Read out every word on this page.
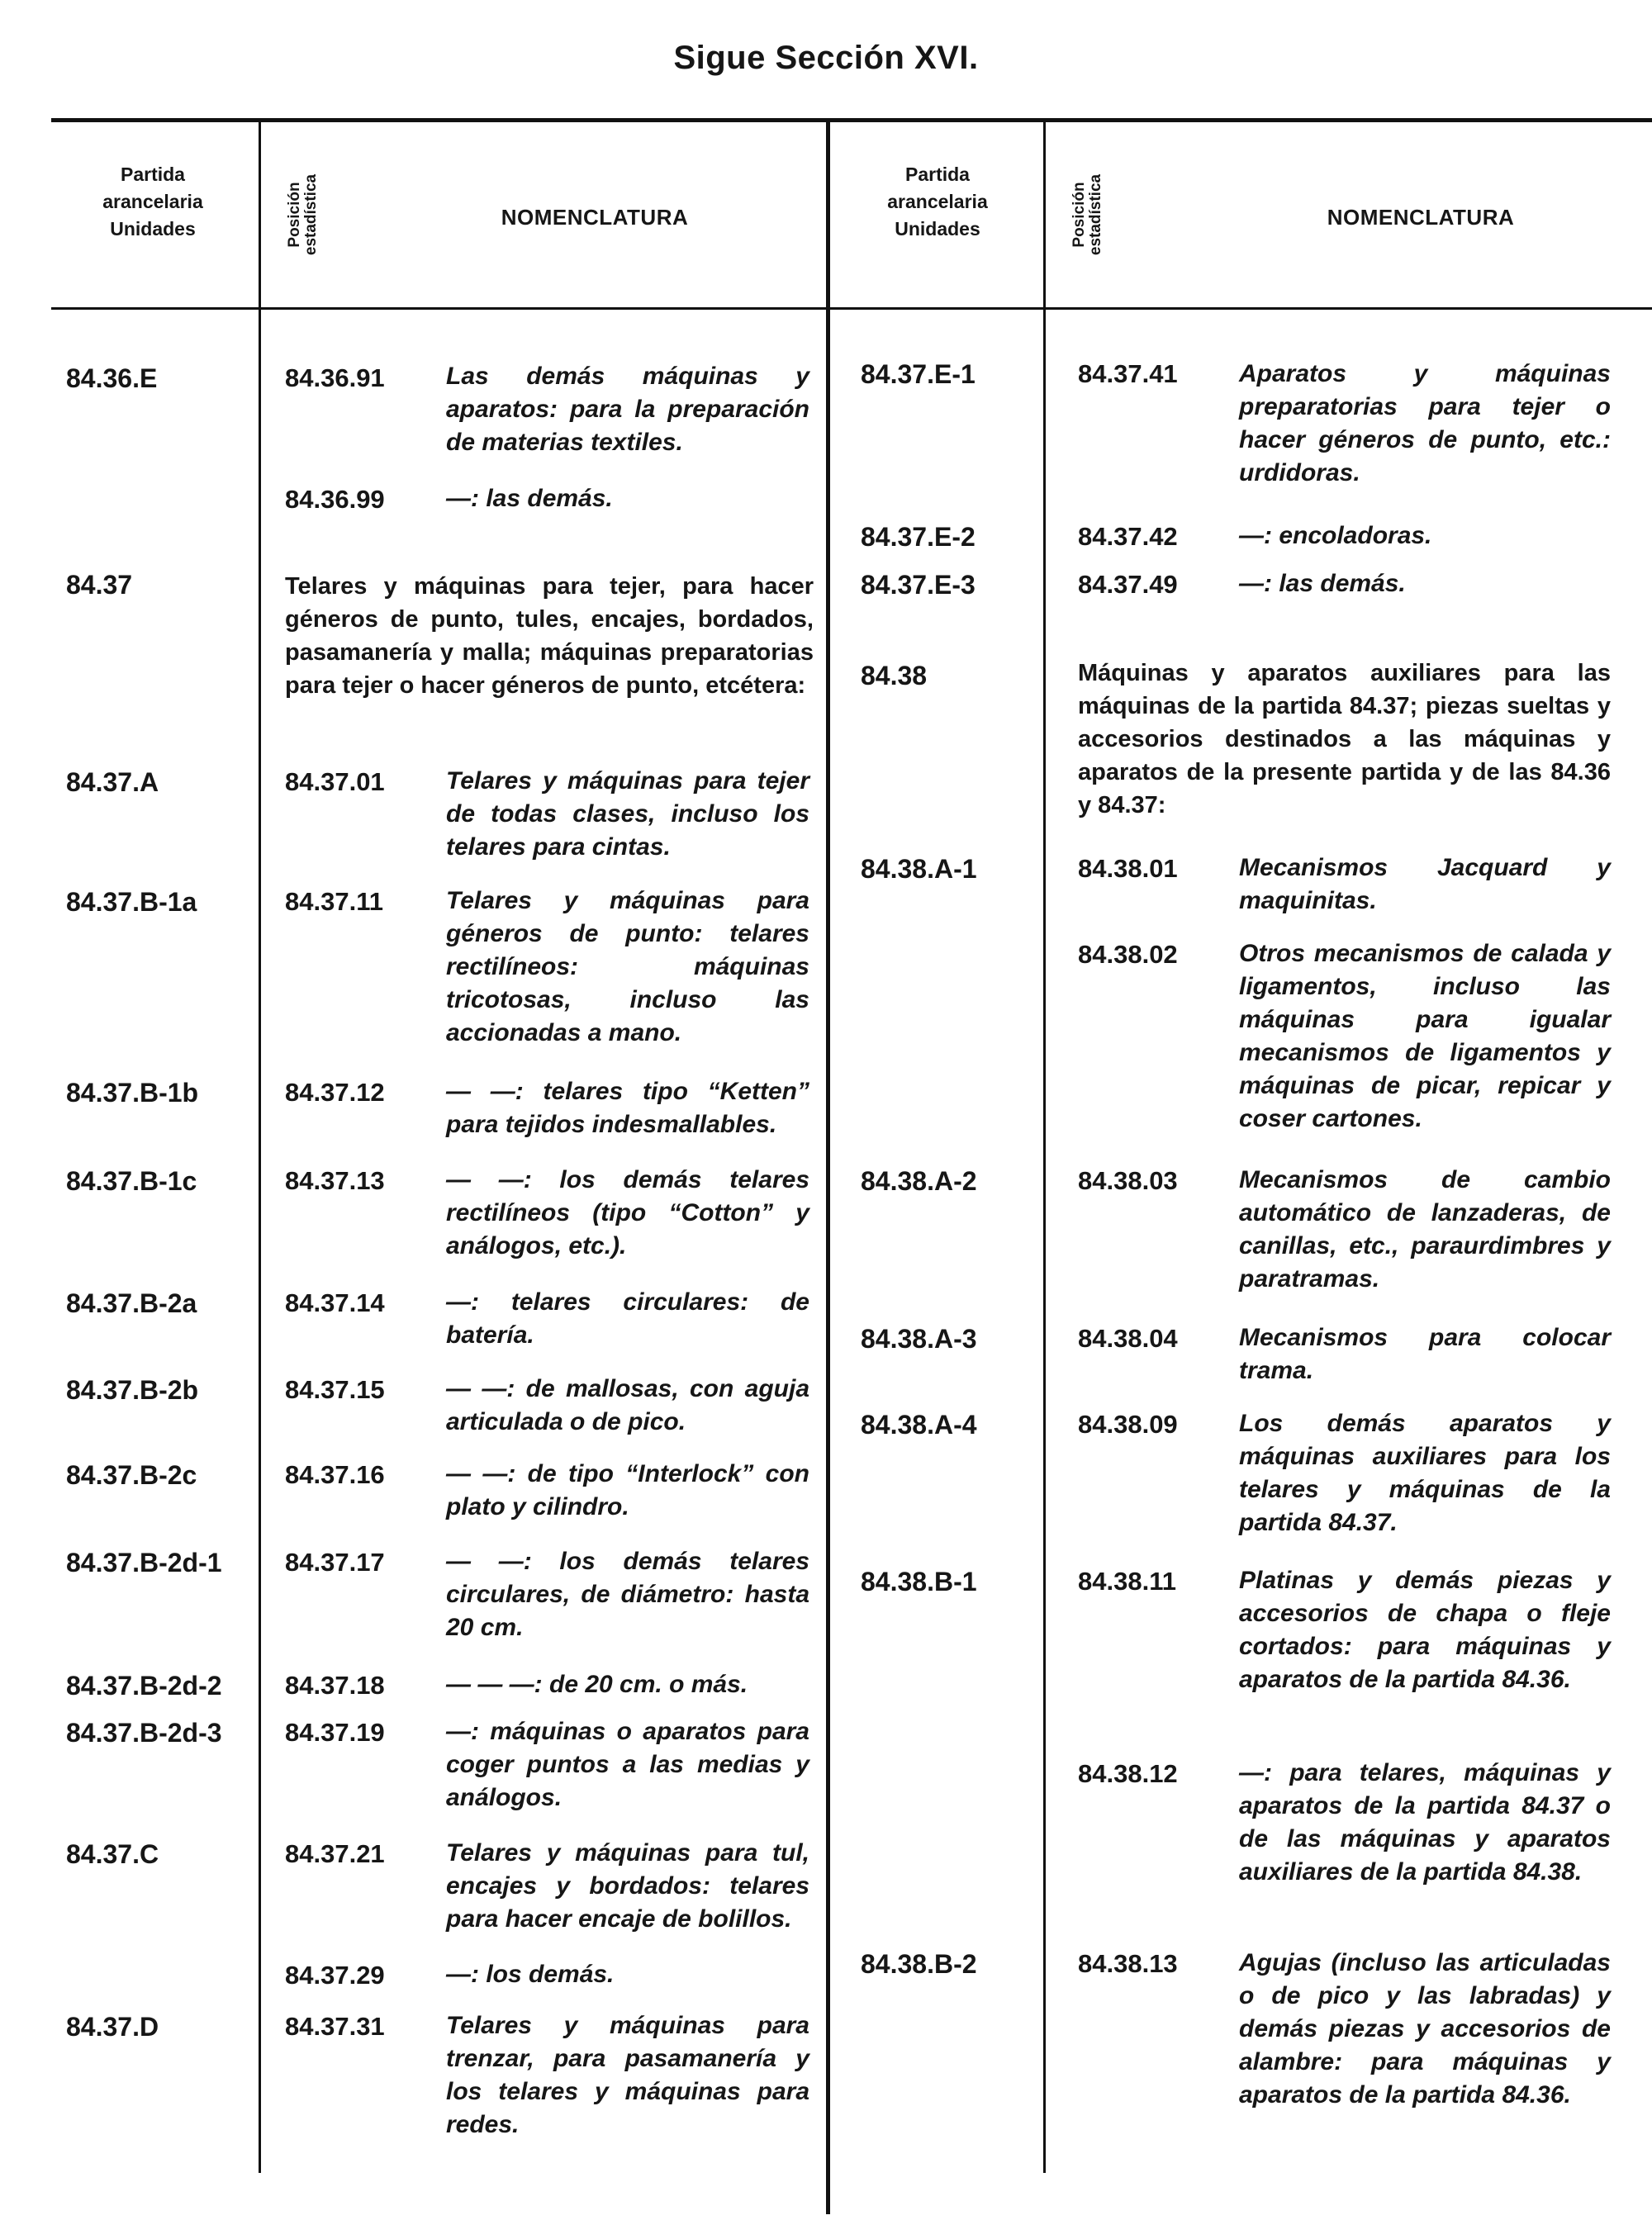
Sigue Sección XVI.
Partida
arancelaria
Unidades	Posición estadística	NOMENCLATURA
Partida
arancelaria
Unidades	Posición estadística	NOMENCLATURA
84.36.E	84.36.91 Las demás máquinas y aparatos: para la preparación de materias textiles.
84.36.99 —: las demás.
84.37	Telares y máquinas para tejer, para hacer géneros de punto, tules, encajes, bordados, pasamanería y malla; máquinas preparatorias para tejer o hacer géneros de punto, etcétera:
84.37.A	84.37.01 Telares y máquinas para tejer de todas clases, incluso los telares para cintas.
84.37.B-1a	84.37.11	Telares y máquinas para géneros de punto: telares rectilíneos: máquinas tricotosas, incluso las accionadas a mano.
84.37.B-1b	84.37.12 — —: telares tipo “Ketten” para tejidos indesmallables.
84.37.B-1c	84.37.13 — —: los demás telares rectilíneos (tipo “Cotton” y análogos, etc.).
84.37.B-2a	84.37.14 —: telares circulares: de batería.
84.37.B-2b	84.37.15 — —: de mallosas, con aguja articulada o de pico.
84.37.B-2c	84.37.16 — —: de tipo “Interlock” con plato y cilindro.
84.37.B-2d-1 84.37.17 — —: los demás telares circulares, de diámetro: hasta 20 cm.
84.37.B-2d-2 84.37.18 — — —: de 20 cm. o más.
84.37.B-2d-3 84.37.19 —: máquinas o aparatos para coger puntos a las medias y análogos.
84.37.C	84.37.21 Telares y máquinas para tul, encajes y bordados: telares para hacer encaje de bolillos.
84.37.29 —: los demás.
84.37.D	84.37.31 Telares y máquinas para trenzar, para pasamanería y los telares y máquinas para redes.
84.37.E-1	84.37.41 Aparatos y máquinas preparatorias para tejer o hacer géneros de punto, etc.: urdidoras.
84.37.E-2	84.37.42 —: encoladoras.
84.37.E-3	84.37.49 —: las demás.
84.38	Máquinas y aparatos auxiliares para las máquinas de la partida 84.37; piezas sueltas y accesorios destinados a las máquinas y aparatos de la presente partida y de las 84.36 y 84.37:
84.38.A-1	84.38.01 Mecanismos Jacquard y maquinitas.
84.38.02 Otros mecanismos de calada y ligamentos, incluso las máquinas para igualar mecanismos de ligamentos y máquinas de picar, repicar y coser cartones.
84.38.A-2	84.38.03 Mecanismos de cambio automático de lanzaderas, de canillas, etc., paraurdimbres y paratramas.
84.38.A-3	84.38.04 Mecanismos para colocar trama.
84.38.A-4	84.38.09 Los demás aparatos y máquinas auxiliares para los telares y máquinas de la partida 84.37.
84.38.B-1	84.38.11	Platinas y demás piezas y accesorios de chapa o fleje cortados: para máquinas y aparatos de la partida 84.36.
84.38.12 —: para telares, máquinas y aparatos de la partida 84.37 o de las máquinas y aparatos auxiliares de la partida 84.38.
84.38.B-2	84.38.13 Agujas (incluso las articuladas o de pico y las labradas) y demás piezas y accesorios de alambre: para máquinas y aparatos de la partida 84.36.
